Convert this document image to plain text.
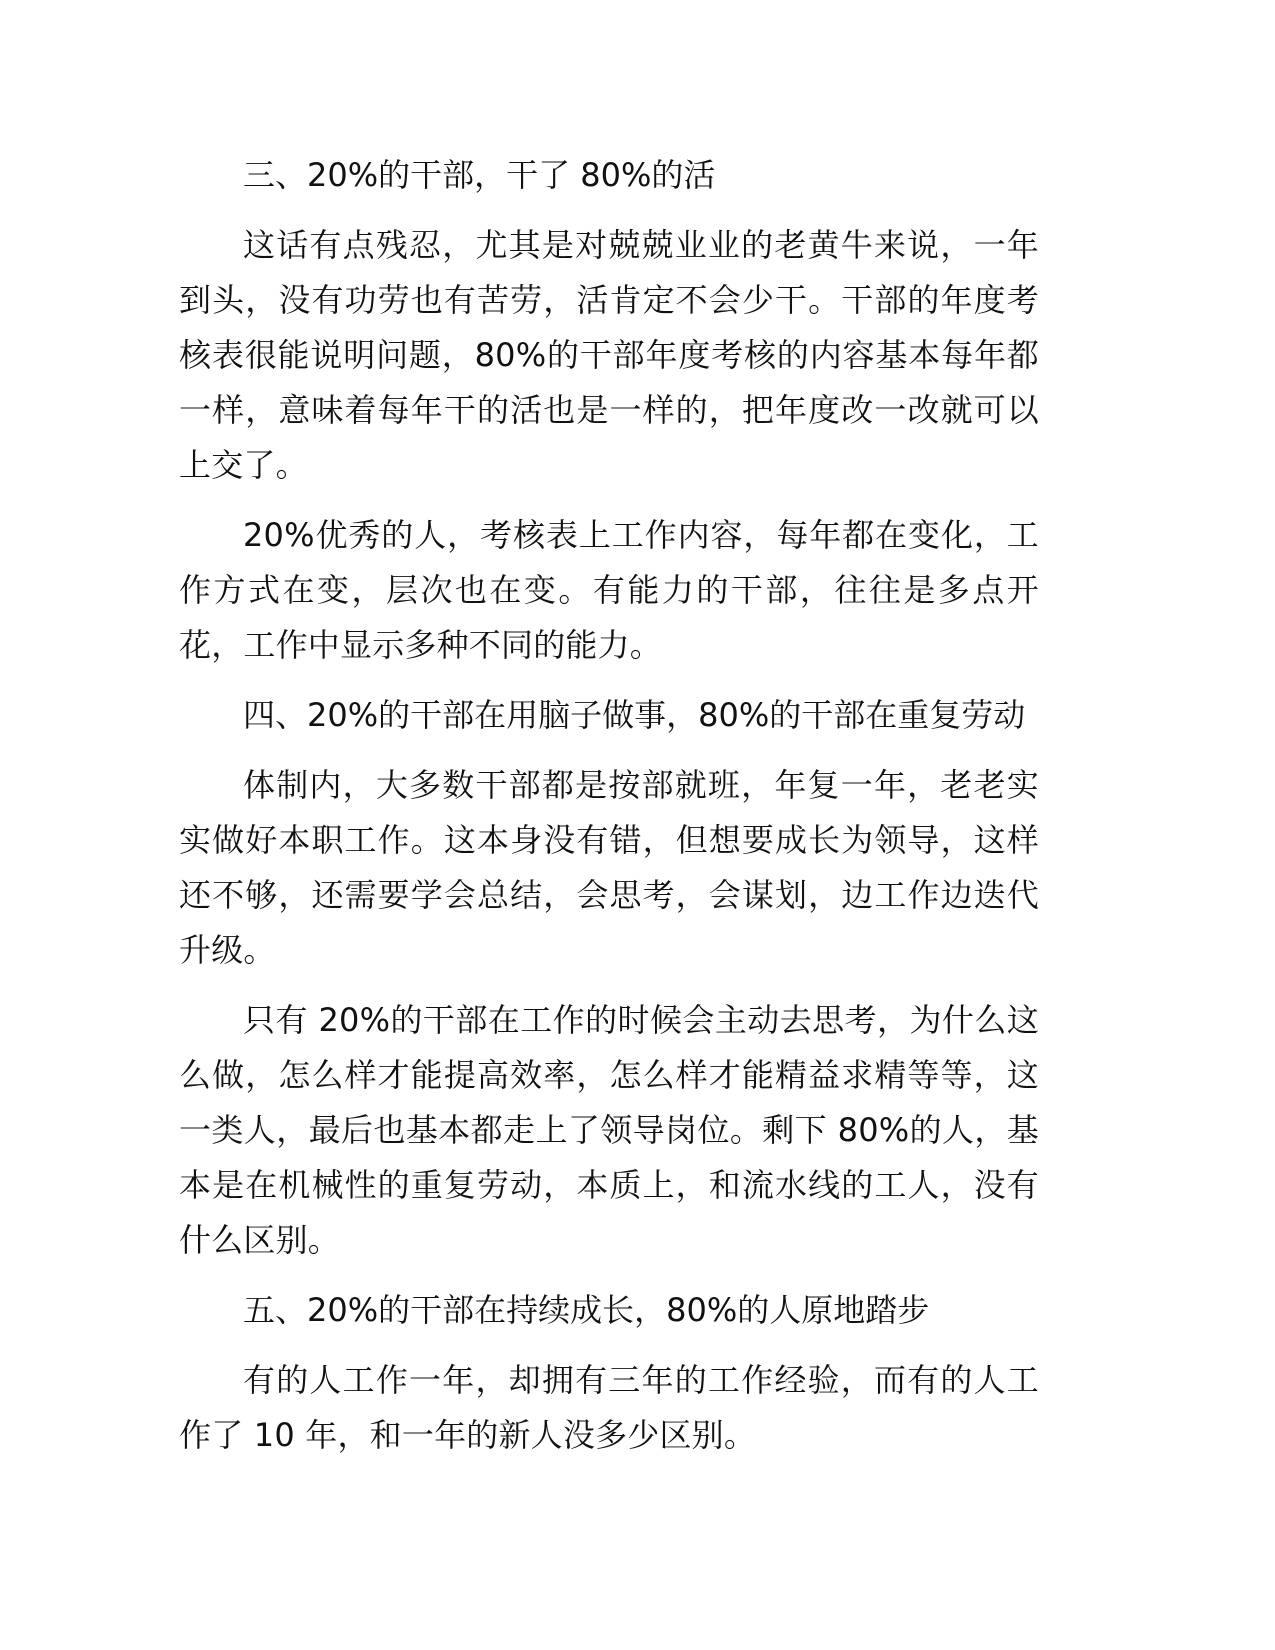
三、20%的干部，干了 80%的活

这话有点残忍，尤其是对兢兢业业的老黄牛来说，一年到头，没有功劳也有苦劳，活肯定不会少干。干部的年度考核表很能说明问题，80%的干部年度考核的内容基本每年都一样，意味着每年干的活也是一样的，把年度改一改就可以上交了。

20%优秀的人，考核表上工作内容，每年都在变化，工作方式在变，层次也在变。有能力的干部，往往是多点开花，工作中显示多种不同的能力。

四、20%的干部在用脑子做事，80%的干部在重复劳动

体制内，大多数干部都是按部就班，年复一年，老老实实做好本职工作。这本身没有错，但想要成长为领导，这样还不够，还需要学会总结，会思考，会谋划，边工作边迭代升级。

只有 20%的干部在工作的时候会主动去思考，为什么这么做，怎么样才能提高效率，怎么样才能精益求精等等，这一类人，最后也基本都走上了领导岗位。剩下 80%的人，基本是在机械性的重复劳动，本质上，和流水线的工人，没有什么区别。

五、20%的干部在持续成长，80%的人原地踏步

有的人工作一年，却拥有三年的工作经验，而有的人工作了 10 年，和一年的新人没多少区别。
